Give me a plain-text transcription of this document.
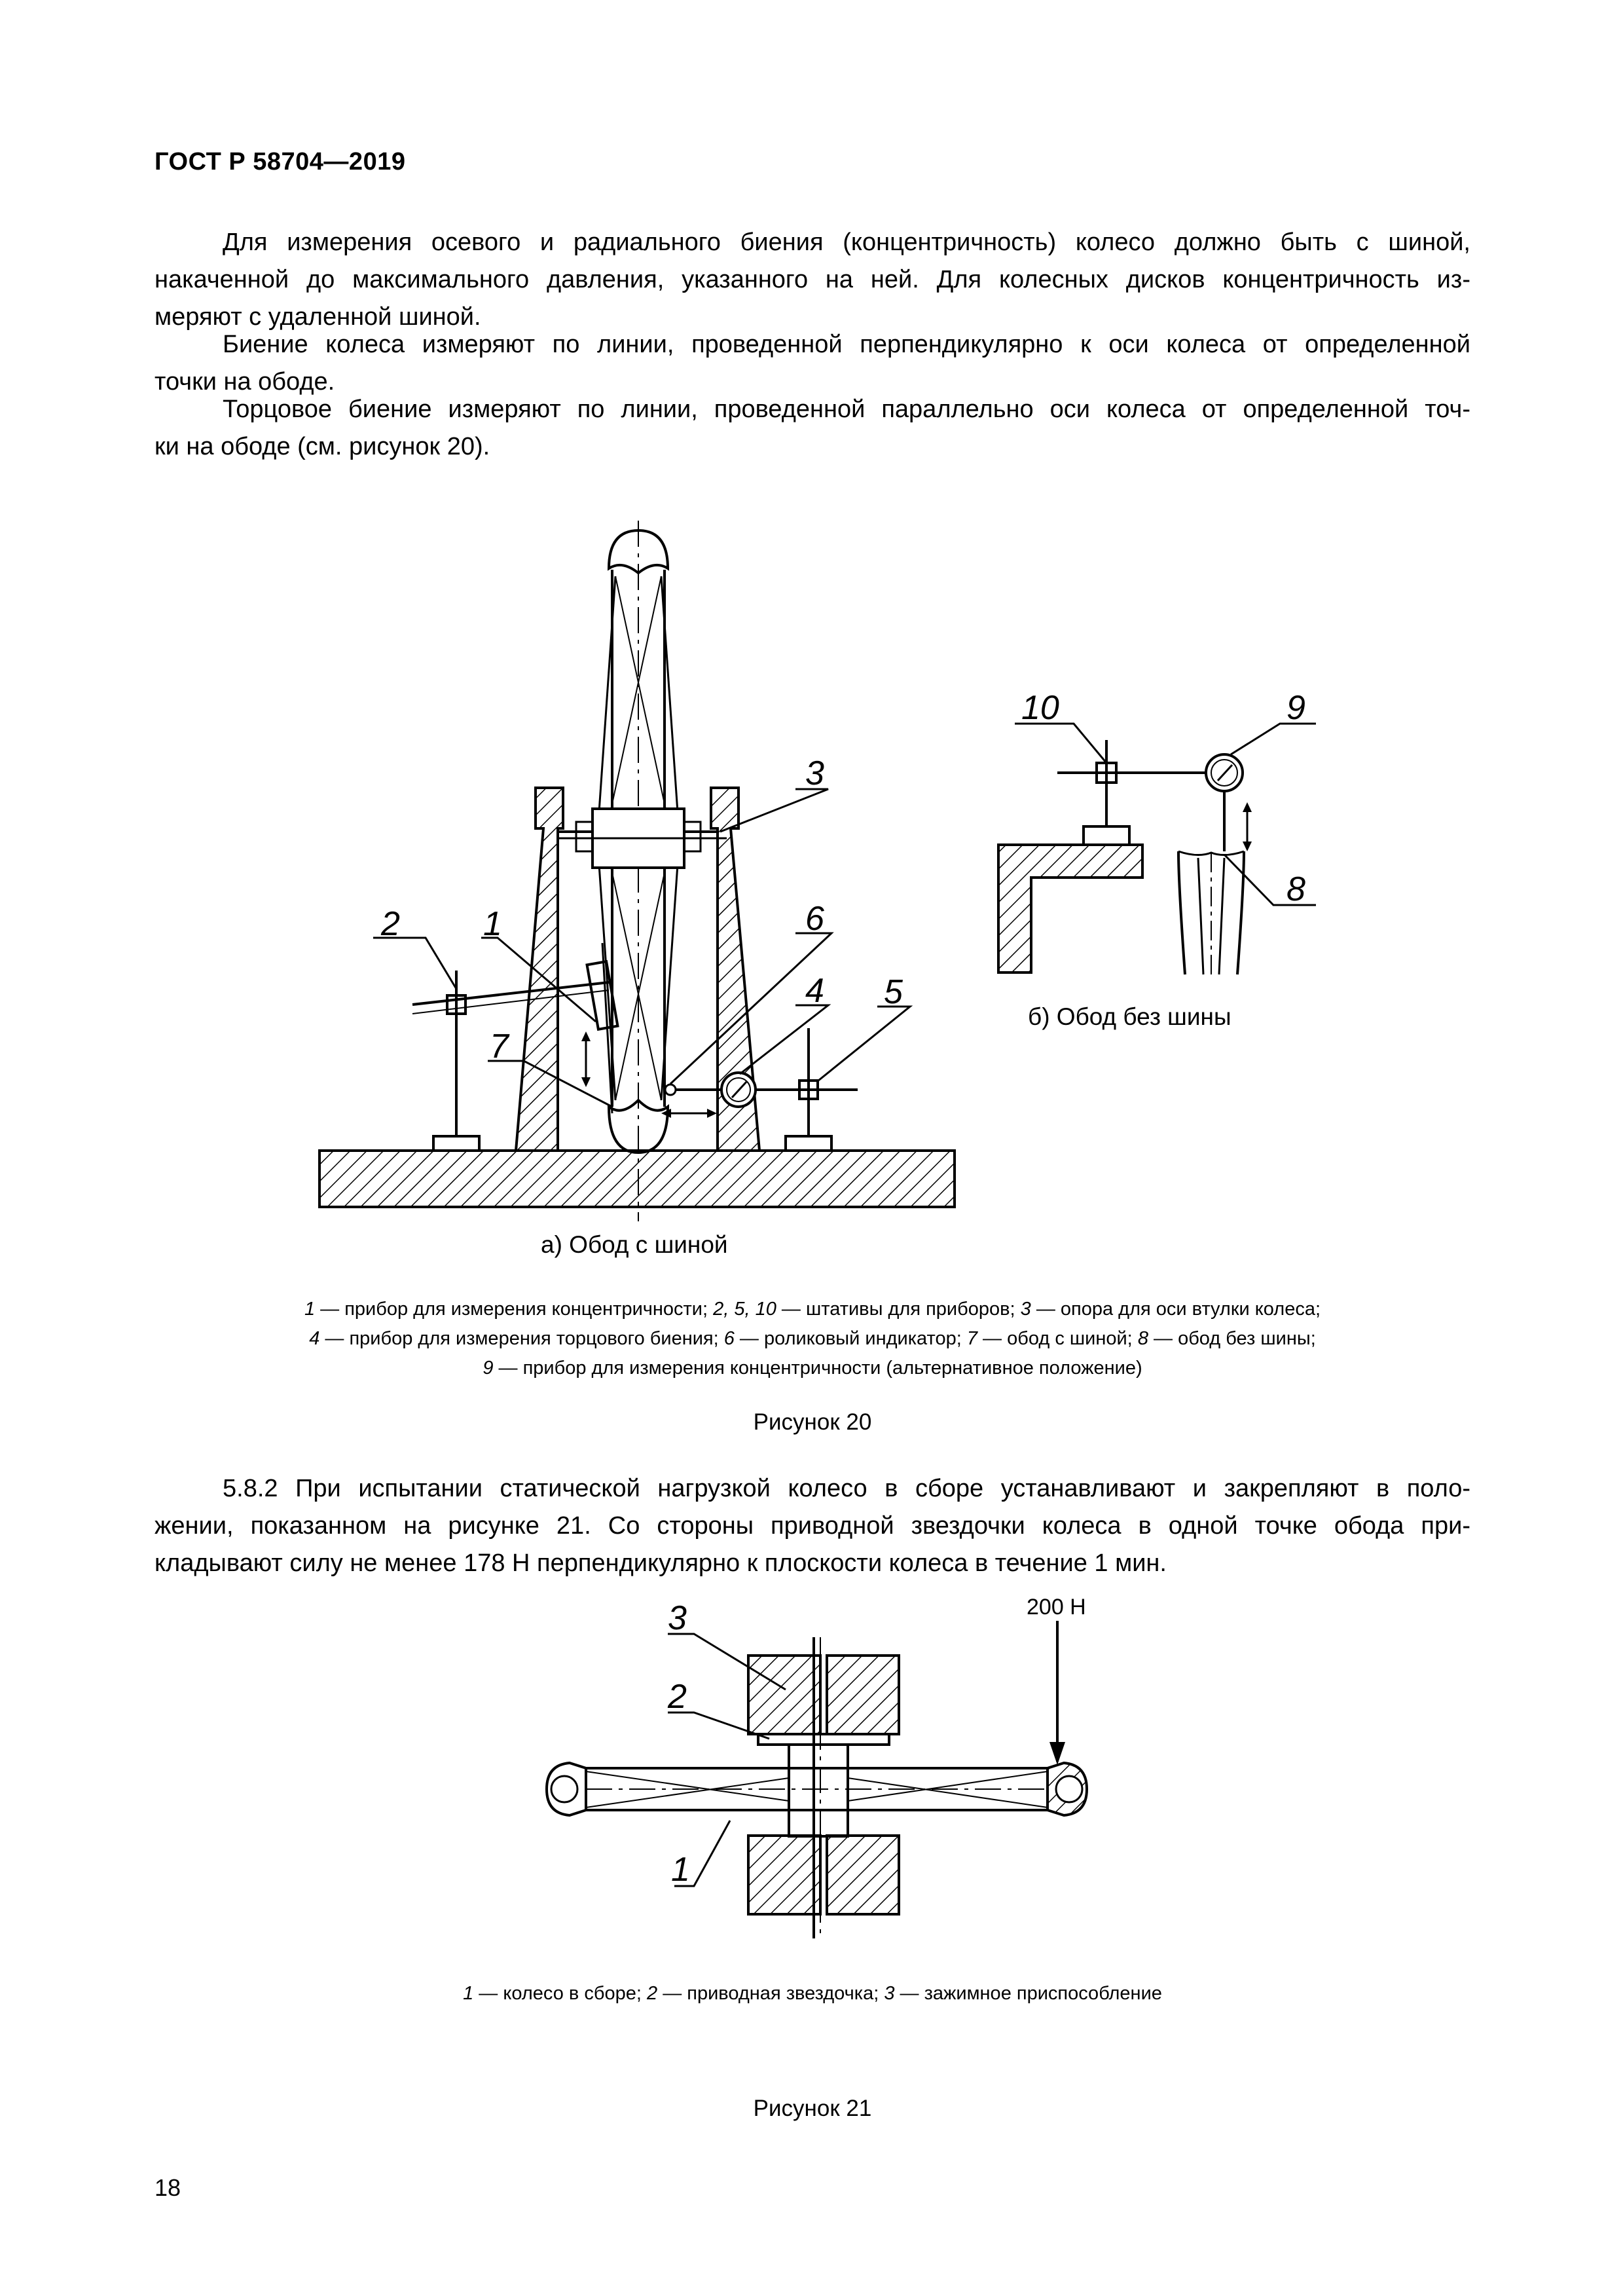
ГОСТ Р 58704—2019
Для измерения осевого и радиального биения (концентричность) колесо должно быть с шиной,
накаченной до максимального давления, указанного на ней. Для колесных дисков концентричность из-
меряют с удаленной шиной.
Биение колеса измеряют по линии, проведенной перпендикулярно к оси колеса от определенной
точки на ободе.
Торцовое биение измеряют по линии, проведенной параллельно оси колеса от определенной точ-
ки на ободе (см. рисунок 20).
2 1
3
6
4 5
7
10	9
8
3
2
1
200 Н
а) Обод с шиной
б) Обод без шины
1 — прибор для измерения концентричности; 2, 5, 10 — штативы для приборов; 3 — опора для оси втулки колеса;
4 — прибор для измерения торцового биения; 6 — роликовый индикатор; 7 — обод с шиной; 8 — обод без шины;
9 — прибор для измерения концентричности (альтернативное положение)
Рисунок 20
5.8.2 При испытании статической нагрузкой колесо в сборе устанавливают и закрепляют в поло-
жении, показанном на рисунке 21. Со стороны приводной звездочки колеса в одной точке обода при-
кладывают силу не менее 178 Н перпендикулярно к плоскости колеса в течение 1 мин.
1 — колесо в сборе; 2 — приводная звездочка; 3 — зажимное приспособление
Рисунок 21
18
